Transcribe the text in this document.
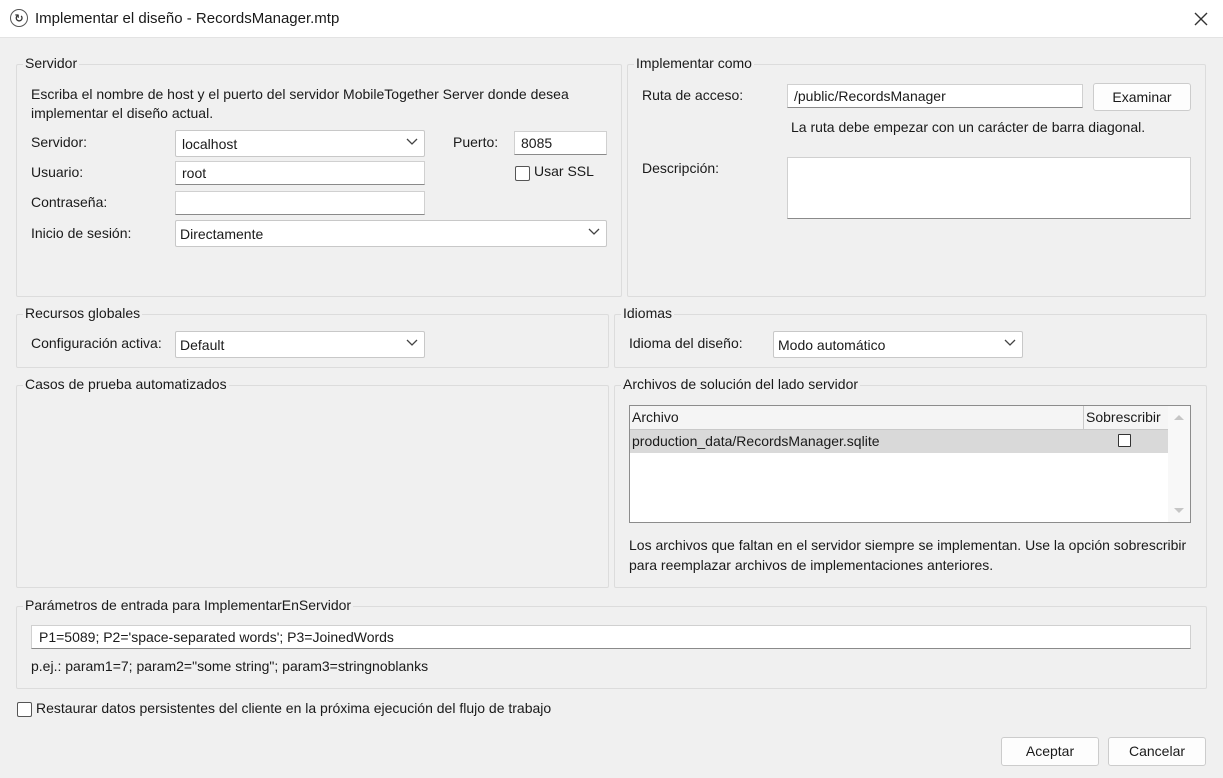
↻ Implementar el diseño - RecordsManager.mtp
Servidor
Escriba el nombre de host y el puerto del servidor MobileTogether Server donde desea implementar el diseño actual.
Servidor:	localhost	Puerto:	8085
Usuario:	root	Usar SSL
Contraseña:
Inicio de sesión:	Directamente
Implementar como
Ruta de acceso:	/public/RecordsManager	Examinar
La ruta debe empezar con un carácter de barra diagonal.
Descripción:
Recursos globales
Configuración activa:	Default
Idiomas
Idioma del diseño:	Modo automático
Casos de prueba automatizados	Archivos de solución del lado servidor
Archivo	Sobrescribir
production_data/RecordsManager.sqlite
Los archivos que faltan en el servidor siempre se implementan. Use la opción sobrescribir para reemplazar archivos de implementaciones anteriores.
Parámetros de entrada para ImplementarEnServidor
P1=5089; P2='space-separated words'; P3=JoinedWords
p.ej.: param1=7; param2="some string"; param3=stringnoblanks
Restaurar datos persistentes del cliente en la próxima ejecución del flujo de trabajo
Aceptar	Cancelar
